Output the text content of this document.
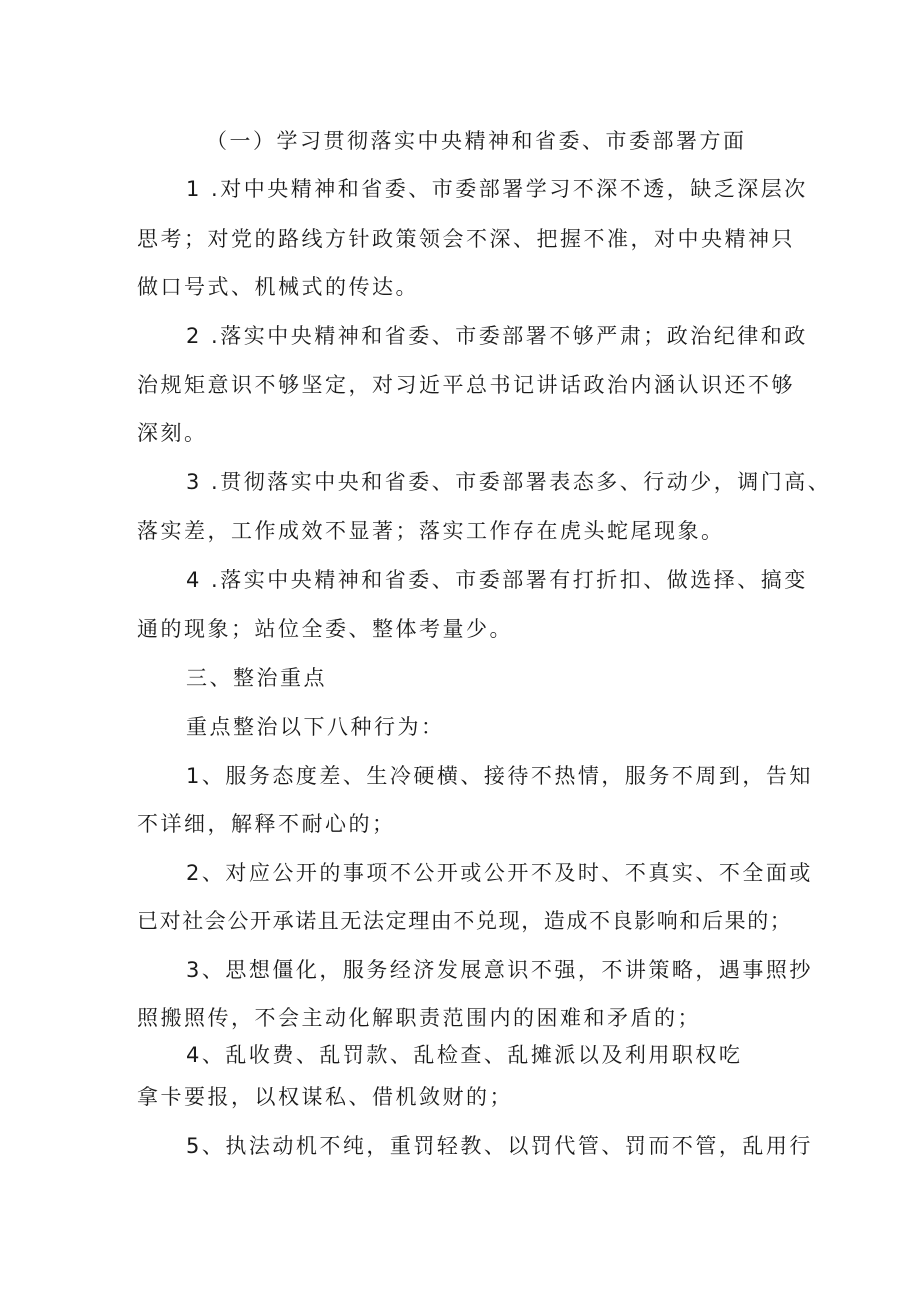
（一）学习贯彻落实中央精神和省委、市委部署方面
1 .对中央精神和省委、市委部署学习不深不透，缺乏深层次
思考；对党的路线方针政策领会不深、把握不准，对中央精神只
做口号式、机械式的传达。
2 .落实中央精神和省委、市委部署不够严肃；政治纪律和政
治规矩意识不够坚定，对习近平总书记讲话政治内涵认识还不够
深刻。
3 .贯彻落实中央和省委、市委部署表态多、行动少，调门高、
落实差，工作成效不显著；落实工作存在虎头蛇尾现象。
4 .落实中央精神和省委、市委部署有打折扣、做选择、搞变
通的现象；站位全委、整体考量少。
三、整治重点
重点整治以下八种行为：
1、服务态度差、生冷硬横、接待不热情，服务不周到，告知
不详细，解释不耐心的；
2、对应公开的事项不公开或公开不及时、不真实、不全面或
已对社会公开承诺且无法定理由不兑现，造成不良影响和后果的；
3、思想僵化，服务经济发展意识不强，不讲策略，遇事照抄
照搬照传，不会主动化解职责范围内的困难和矛盾的；
4、乱收费、乱罚款、乱检查、乱摊派以及利用职权吃
拿卡要报，以权谋私、借机敛财的；
5、执法动机不纯，重罚轻教、以罚代管、罚而不管，乱用行
